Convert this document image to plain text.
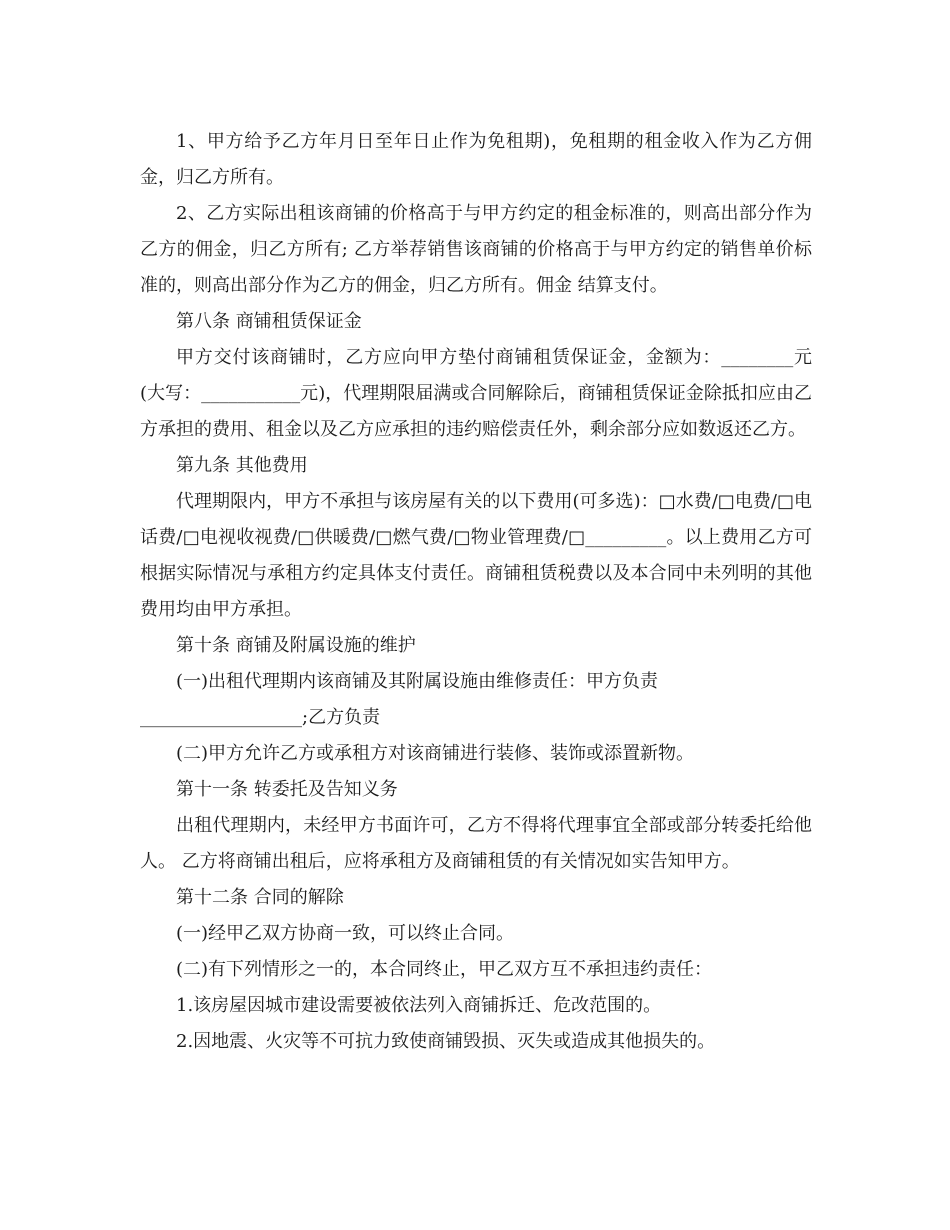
1、甲方给予乙方年月日至年日止作为免租期)，免租期的租金收入作为乙方佣金，归乙方所有。

2、乙方实际出租该商铺的价格高于与甲方约定的租金标准的，则高出部分作为乙方的佣金，归乙方所有; 乙方举荐销售该商铺的价格高于与甲方约定的销售单价标准的，则高出部分作为乙方的佣金，归乙方所有。佣金 结算支付。

第八条 商铺租赁保证金

甲方交付该商铺时，乙方应向甲方垫付商铺租赁保证金，金额为：________元(大写：___________元)，代理期限届满或合同解除后，商铺租赁保证金除抵扣应由乙方承担的费用、租金以及乙方应承担的违约赔偿责任外，剩余部分应如数返还乙方。

第九条 其他费用

代理期限内，甲方不承担与该房屋有关的以下费用(可多选)：□水费/□电费/□电话费/□电视收视费/□供暖费/□燃气费/□物业管理费/□_________。以上费用乙方可根据实际情况与承租方约定具体支付责任。商铺租赁税费以及本合同中未列明的其他费用均由甲方承担。

第十条 商铺及附属设施的维护

(一)出租代理期内该商铺及其附属设施由维修责任：甲方负责

__________________;乙方负责

(二)甲方允许乙方或承租方对该商铺进行装修、装饰或添置新物。

第十一条 转委托及告知义务

出租代理期内，未经甲方书面许可，乙方不得将代理事宜全部或部分转委托给他人。 乙方将商铺出租后，应将承租方及商铺租赁的有关情况如实告知甲方。

第十二条 合同的解除

(一)经甲乙双方协商一致，可以终止合同。

(二)有下列情形之一的，本合同终止，甲乙双方互不承担违约责任：

1.该房屋因城市建设需要被依法列入商铺拆迁、危改范围的。

2.因地震、火灾等不可抗力致使商铺毁损、灭失或造成其他损失的。
